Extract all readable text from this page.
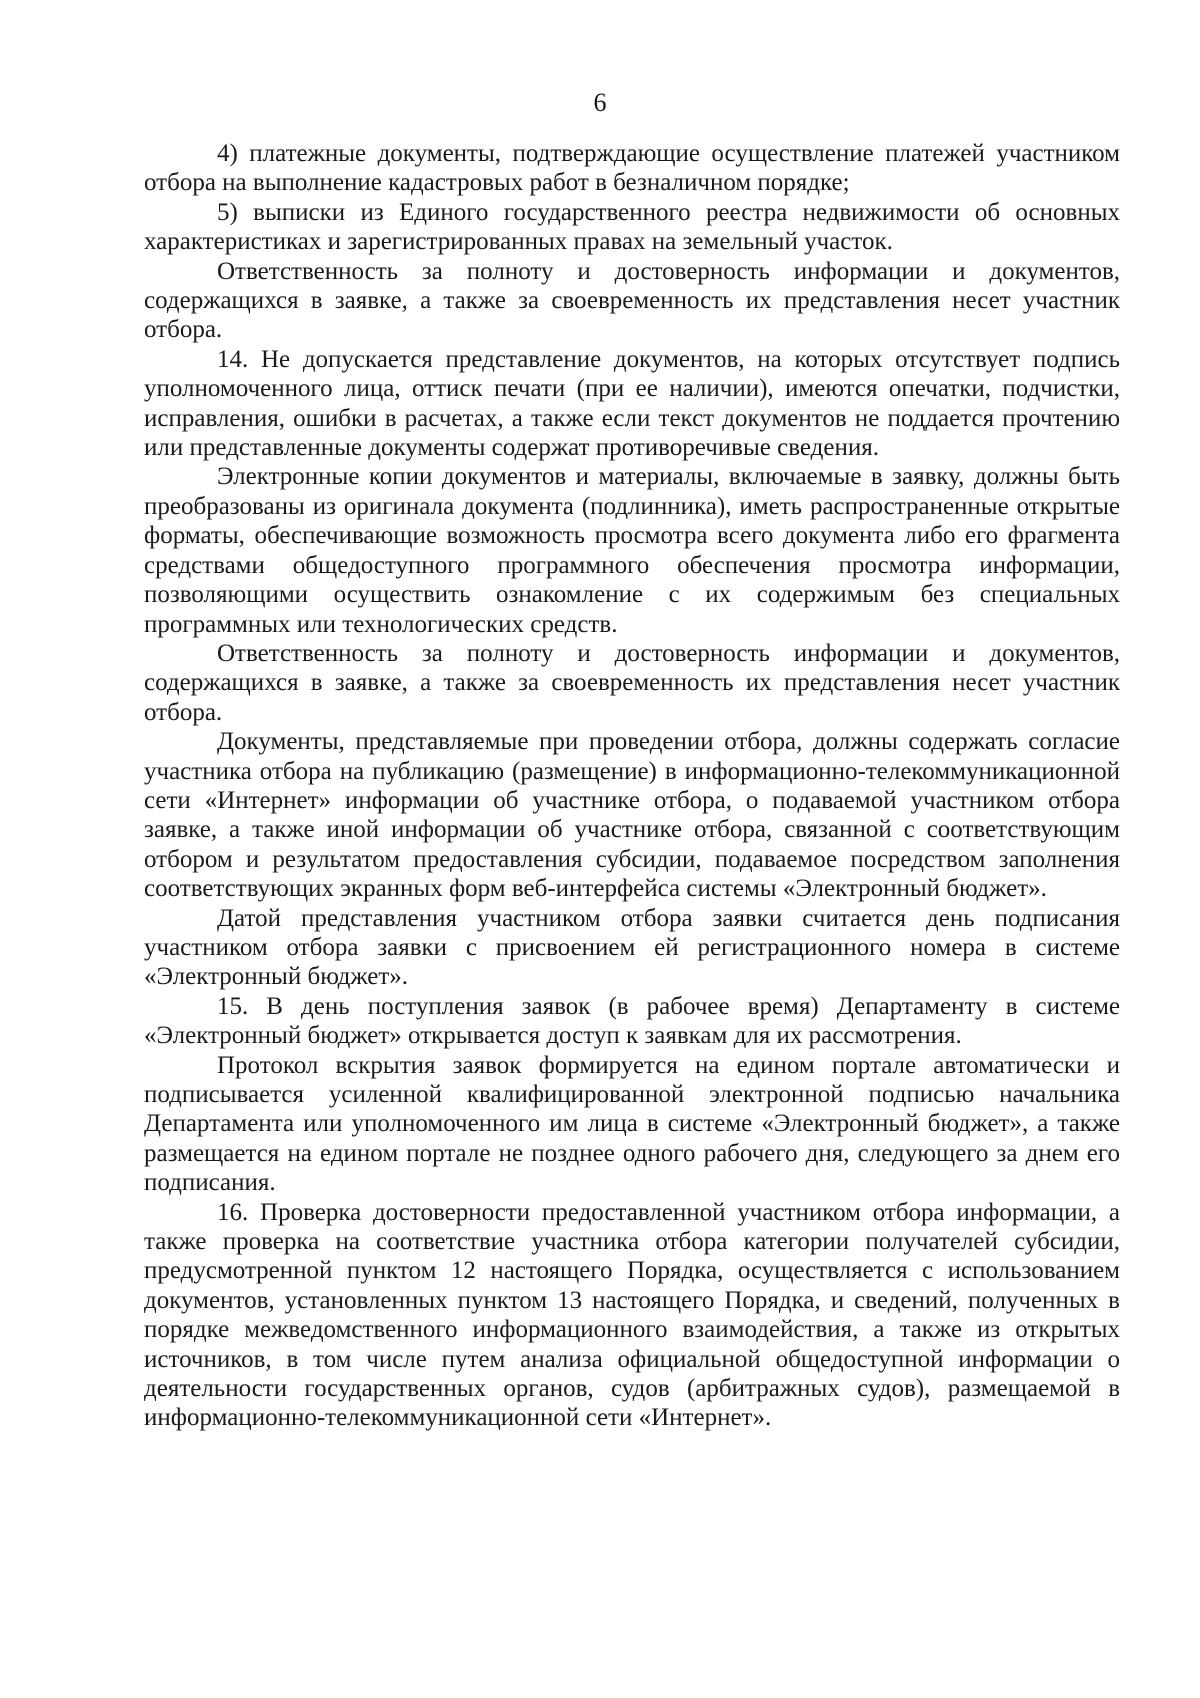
6

4) платежные документы, подтверждающие осуществление платежей участником отбора на выполнение кадастровых работ в безналичном порядке;

5) выписки из Единого государственного реестра недвижимости об основных характеристиках и зарегистрированных правах на земельный участок.

Ответственность за полноту и достоверность информации и документов, содержащихся в заявке, а также за своевременность их представления несет участник отбора.

14. Не допускается представление документов, на которых отсутствует подпись уполномоченного лица, оттиск печати (при ее наличии), имеются опечатки, подчистки, исправления, ошибки в расчетах, а также если текст документов не поддается прочтению или представленные документы содержат противоречивые сведения.

Электронные копии документов и материалы, включаемые в заявку, должны быть преобразованы из оригинала документа (подлинника), иметь распространенные открытые форматы, обеспечивающие возможность просмотра всего документа либо его фрагмента средствами общедоступного программного обеспечения просмотра информации, позволяющими осуществить ознакомление с их содержимым без специальных программных или технологических средств.

Ответственность за полноту и достоверность информации и документов, содержащихся в заявке, а также за своевременность их представления несет участник отбора.

Документы, представляемые при проведении отбора, должны содержать согласие участника отбора на публикацию (размещение) в информационно-телекоммуникационной сети «Интернет» информации об участнике отбора, о подаваемой участником отбора заявке, а также иной информации об участнике отбора, связанной с соответствующим отбором и результатом предоставления субсидии, подаваемое посредством заполнения соответствующих экранных форм веб-интерфейса системы «Электронный бюджет».

Датой представления участником отбора заявки считается день подписания участником отбора заявки с присвоением ей регистрационного номера в системе «Электронный бюджет».

15. В день поступления заявок (в рабочее время) Департаменту в системе «Электронный бюджет» открывается доступ к заявкам для их рассмотрения.

Протокол вскрытия заявок формируется на едином портале автоматически и подписывается усиленной квалифицированной электронной подписью начальника Департамента или уполномоченного им лица в системе «Электронный бюджет», а также размещается на едином портале не позднее одного рабочего дня, следующего за днем его подписания.

16. Проверка достоверности предоставленной участником отбора информации, а также проверка на соответствие участника отбора категории получателей субсидии, предусмотренной пунктом 12 настоящего Порядка, осуществляется с использованием документов, установленных пунктом 13 настоящего Порядка, и сведений, полученных в порядке межведомственного информационного взаимодействия, а также из открытых источников, в том числе путем анализа официальной общедоступной информации о деятельности государственных органов, судов (арбитражных судов), размещаемой в информационно-телекоммуникационной сети «Интернет».
